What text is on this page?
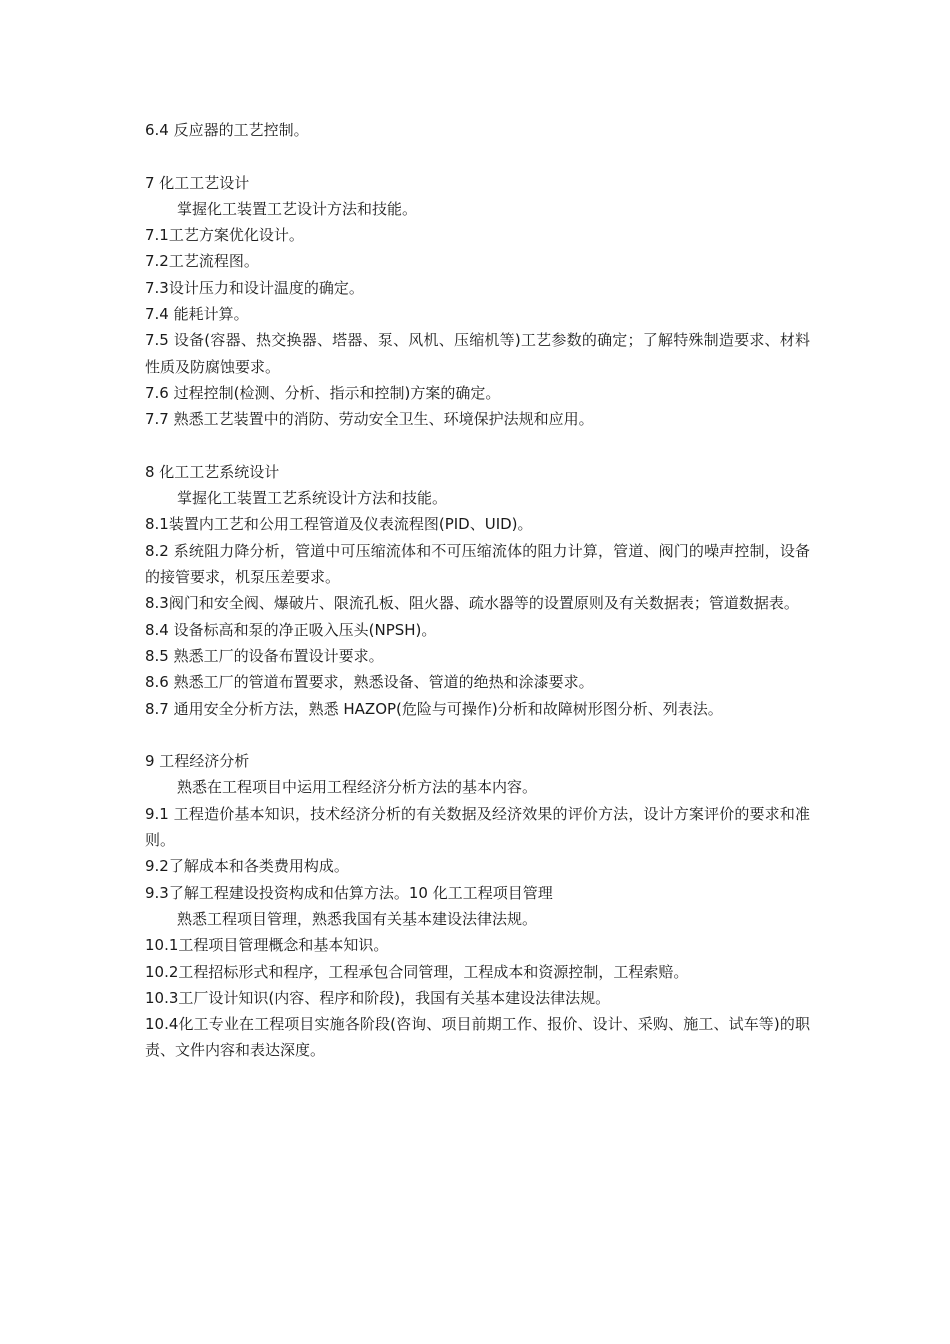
6.4 反应器的工艺控制。
7 化工工艺设计
掌握化工装置工艺设计方法和技能。
7.1工艺方案优化设计。
7.2工艺流程图。
7.3设计压力和设计温度的确定。
7.4 能耗计算。
7.5 设备(容器、热交换器、塔器、泵、风机、压缩机等)工艺参数的确定；了解特殊制造要求、材料性质及防腐蚀要求。
7.6 过程控制(检测、分析、指示和控制)方案的确定。
7.7 熟悉工艺装置中的消防、劳动安全卫生、环境保护法规和应用。
8 化工工艺系统设计
掌握化工装置工艺系统设计方法和技能。
8.1装置内工艺和公用工程管道及仪表流程图(PID、UID)。
8.2 系统阻力降分析，管道中可压缩流体和不可压缩流体的阻力计算，管道、阀门的噪声控制，设备的接管要求，机泵压差要求。
8.3阀门和安全阀、爆破片、限流孔板、阻火器、疏水器等的设置原则及有关数据表；管道数据表。
8.4 设备标高和泵的净正吸入压头(NPSH)。
8.5 熟悉工厂的设备布置设计要求。
8.6 熟悉工厂的管道布置要求，熟悉设备、管道的绝热和涂漆要求。
8.7 通用安全分析方法，熟悉 HAZOP(危险与可操作)分析和故障树形图分析、列表法。
9 工程经济分析
熟悉在工程项目中运用工程经济分析方法的基本内容。
9.1 工程造价基本知识，技术经济分析的有关数据及经济效果的评价方法，设计方案评价的要求和准则。
9.2了解成本和各类费用构成。
9.3了解工程建设投资构成和估算方法。10 化工工程项目管理
熟悉工程项目管理，熟悉我国有关基本建设法律法规。
10.1工程项目管理概念和基本知识。
10.2工程招标形式和程序，工程承包合同管理，工程成本和资源控制，工程索赔。
10.3工厂设计知识(内容、程序和阶段)，我国有关基本建设法律法规。
10.4化工专业在工程项目实施各阶段(咨询、项目前期工作、报价、设计、采购、施工、试车等)的职责、文件内容和表达深度。
